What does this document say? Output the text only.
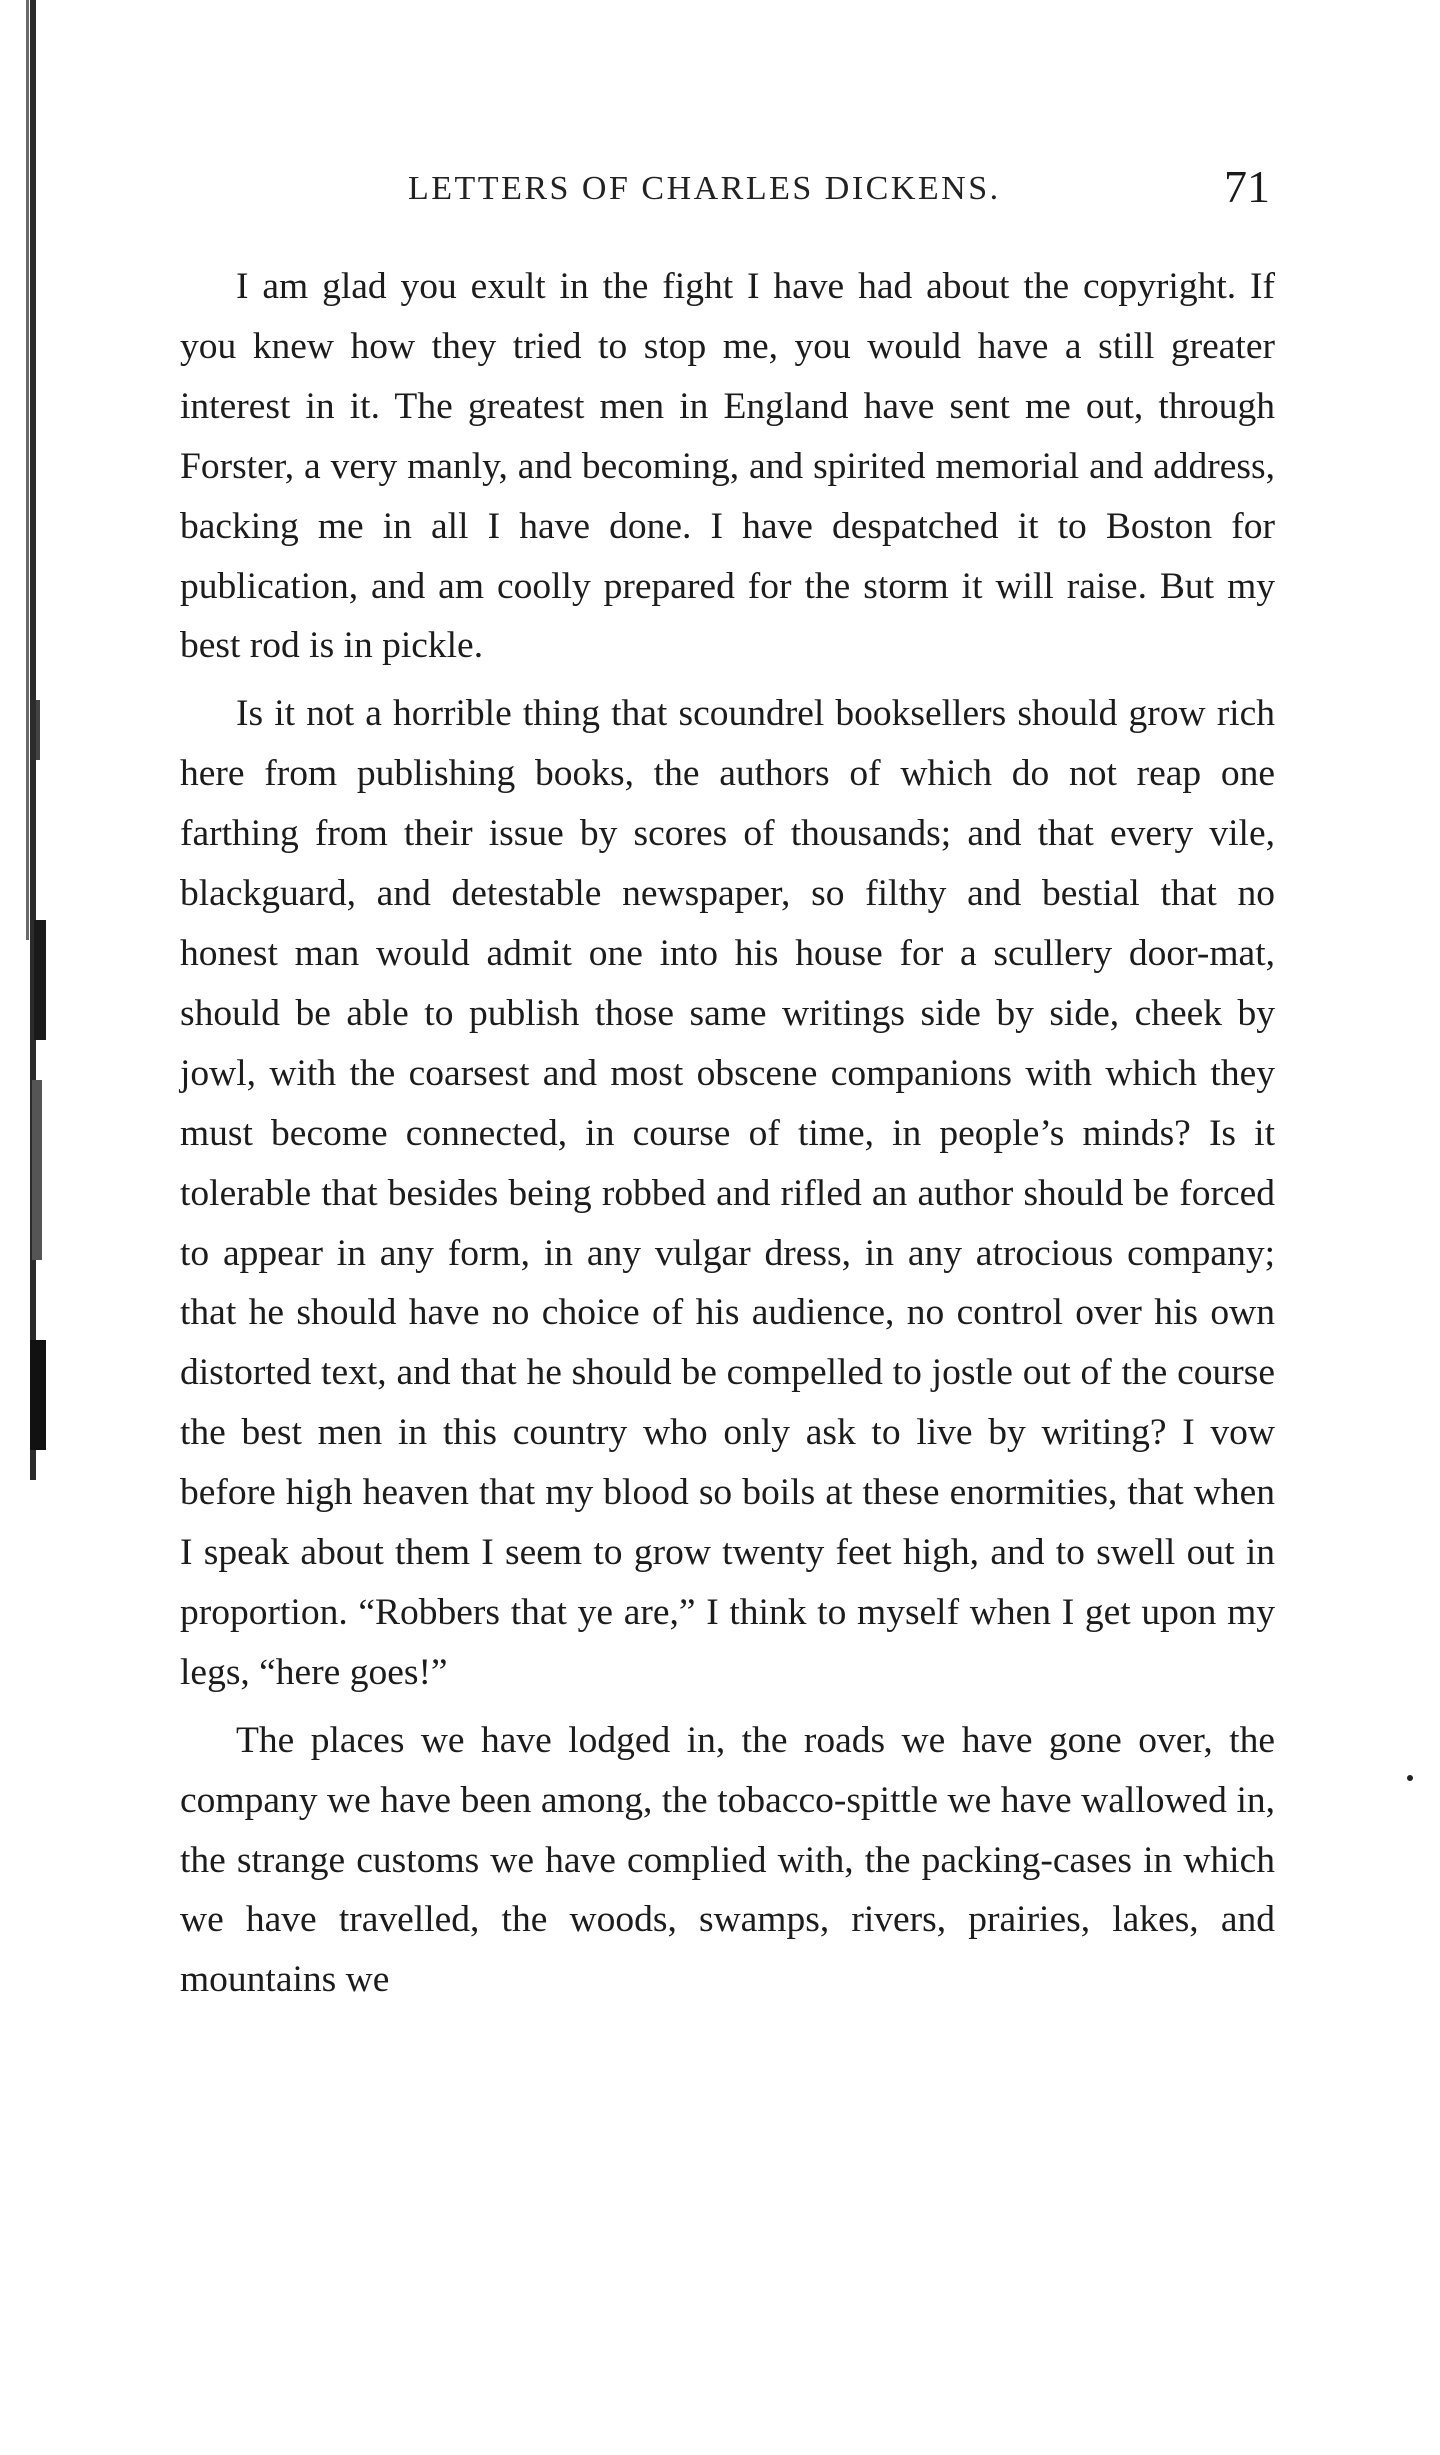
LETTERS OF CHARLES DICKENS.	71

I am glad you exult in the fight I have had about the copyright. If you knew how they tried to stop me, you would have a still greater interest in it. The greatest men in England have sent me out, through Forster, a very manly, and becoming, and spirited memorial and address, backing me in all I have done. I have despatched it to Boston for publication, and am coolly prepared for the storm it will raise. But my best rod is in pickle.

Is it not a horrible thing that scoundrel booksellers should grow rich here from publishing books, the authors of which do not reap one farthing from their issue by scores of thousands; and that every vile, blackguard, and detestable newspaper, so filthy and bestial that no honest man would admit one into his house for a scullery door-mat, should be able to publish those same writings side by side, cheek by jowl, with the coarsest and most obscene companions with which they must become connected, in course of time, in people’s minds? Is it tolerable that besides being robbed and rifled an author should be forced to appear in any form, in any vulgar dress, in any atrocious company; that he should have no choice of his audience, no control over his own distorted text, and that he should be compelled to jostle out of the course the best men in this country who only ask to live by writing? I vow before high heaven that my blood so boils at these enormities, that when I speak about them I seem to grow twenty feet high, and to swell out in proportion. “Robbers that ye are,” I think to myself when I get upon my legs, “here goes!”

The places we have lodged in, the roads we have gone over, the company we have been among, the tobacco-spittle we have wallowed in, the strange customs we have complied with, the packing-cases in which we have travelled, the woods, swamps, rivers, prairies, lakes, and mountains we
